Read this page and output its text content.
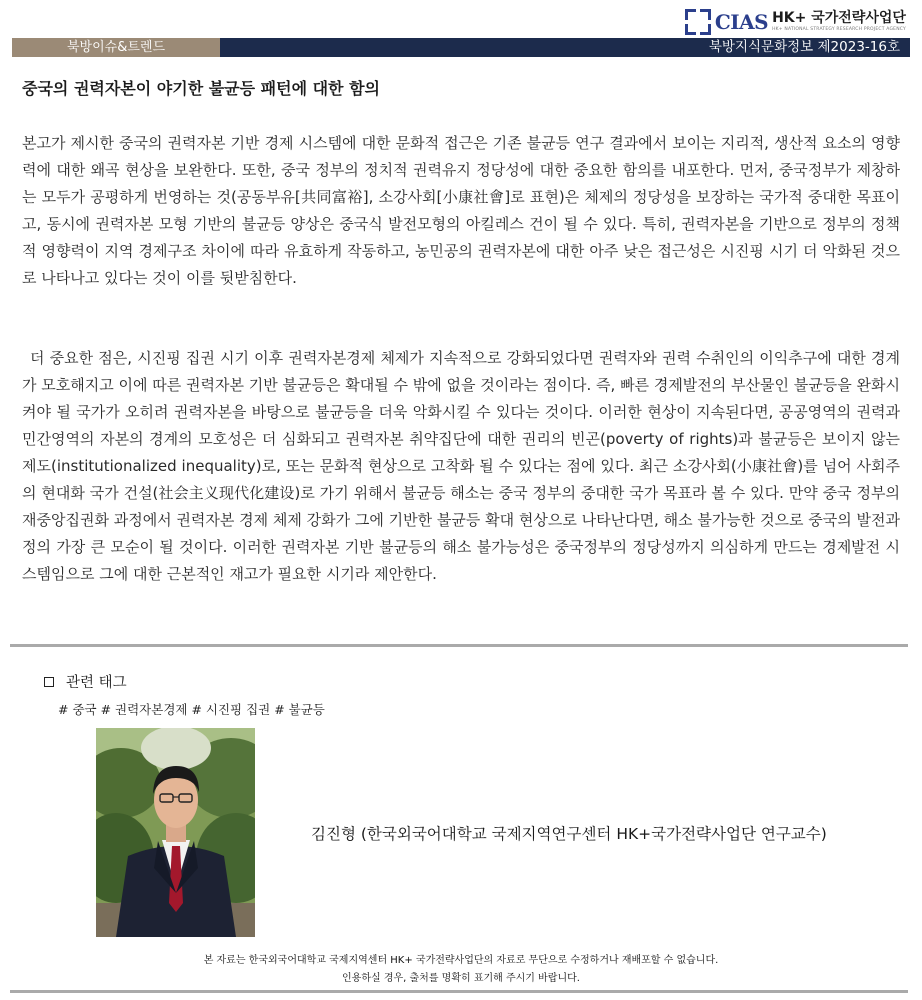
CIAS HK+ 국가전략사업단
HK+ NATIONAL STRATEGY RESEARCH PROJECT AGENCY
북방이슈&트렌드	북방지식문화정보 제2023-16호
중국의 권력자본이 야기한 불균등 패턴에 대한 함의

본고가 제시한 중국의 권력자본 기반 경제 시스템에 대한 문화적 접근은 기존 불균등 연구 결과에서 보이는 지리적, 생산적 요소의 영향력에 대한 왜곡 현상을 보완한다. 또한, 중국 정부의 정치적 권력유지 정당성에 대한 중요한 함의를 내포한다. 먼저, 중국정부가 제창하는 모두가 공평하게 번영하는 것(공동부유[共同富裕], 소강사회[小康社會]로 표현)은 체제의 정당성을 보장하는 국가적 중대한 목표이고, 동시에 권력자본 모형 기반의 불균등 양상은 중국식 발전모형의 아킬레스 건이 될 수 있다. 특히, 권력자본을 기반으로 정부의 정책적 영향력이 지역 경제구조 차이에 따라 유효하게 작동하고, 농민공의 권력자본에 대한 아주 낮은 접근성은 시진핑 시기 더 악화된 것으로 나타나고 있다는 것이 이를 뒷받침한다.

더 중요한 점은, 시진핑 집권 시기 이후 권력자본경제 체제가 지속적으로 강화되었다면 권력자와 권력 수취인의 이익추구에 대한 경계가 모호해지고 이에 따른 권력자본 기반 불균등은 확대될 수 밖에 없을 것이라는 점이다. 즉, 빠른 경제발전의 부산물인 불균등을 완화시켜야 될 국가가 오히려 권력자본을 바탕으로 불균등을 더욱 악화시킬 수 있다는 것이다. 이러한 현상이 지속된다면, 공공영역의 권력과 민간영역의 자본의 경계의 모호성은 더 심화되고 권력자본 취약집단에 대한 권리의 빈곤(poverty of rights)과 불균등은 보이지 않는 제도(institutionalized inequality)로, 또는 문화적 현상으로 고착화 될 수 있다는 점에 있다. 최근 소강사회(小康社會)를 넘어 사회주의 현대화 국가 건설(社会主义现代化建设)로 가기 위해서 불균등 해소는 중국 정부의 중대한 국가 목표라 볼 수 있다. 만약 중국 정부의 재중앙집권화 과정에서 권력자본 경제 체제 강화가 그에 기반한 불균등 확대 현상으로 나타난다면, 해소 불가능한 것으로 중국의 발전과정의 가장 큰 모순이 될 것이다. 이러한 권력자본 기반 불균등의 해소 불가능성은 중국정부의 정당성까지 의심하게 만드는 경제발전 시스템임으로 그에 대한 근본적인 재고가 필요한 시기라 제안한다.

관련 태그
# 중국 # 권력자본경제 # 시진핑 집권 # 불균등
김진형 (한국외국어대학교 국제지역연구센터 HK+국가전략사업단 연구교수)
본 자료는 한국외국어대학교 국제지역센터 HK+ 국가전략사업단의 자료로 무단으로 수정하거나 재배포할 수 없습니다.
인용하실 경우, 출처를 명확히 표기해 주시기 바랍니다.
